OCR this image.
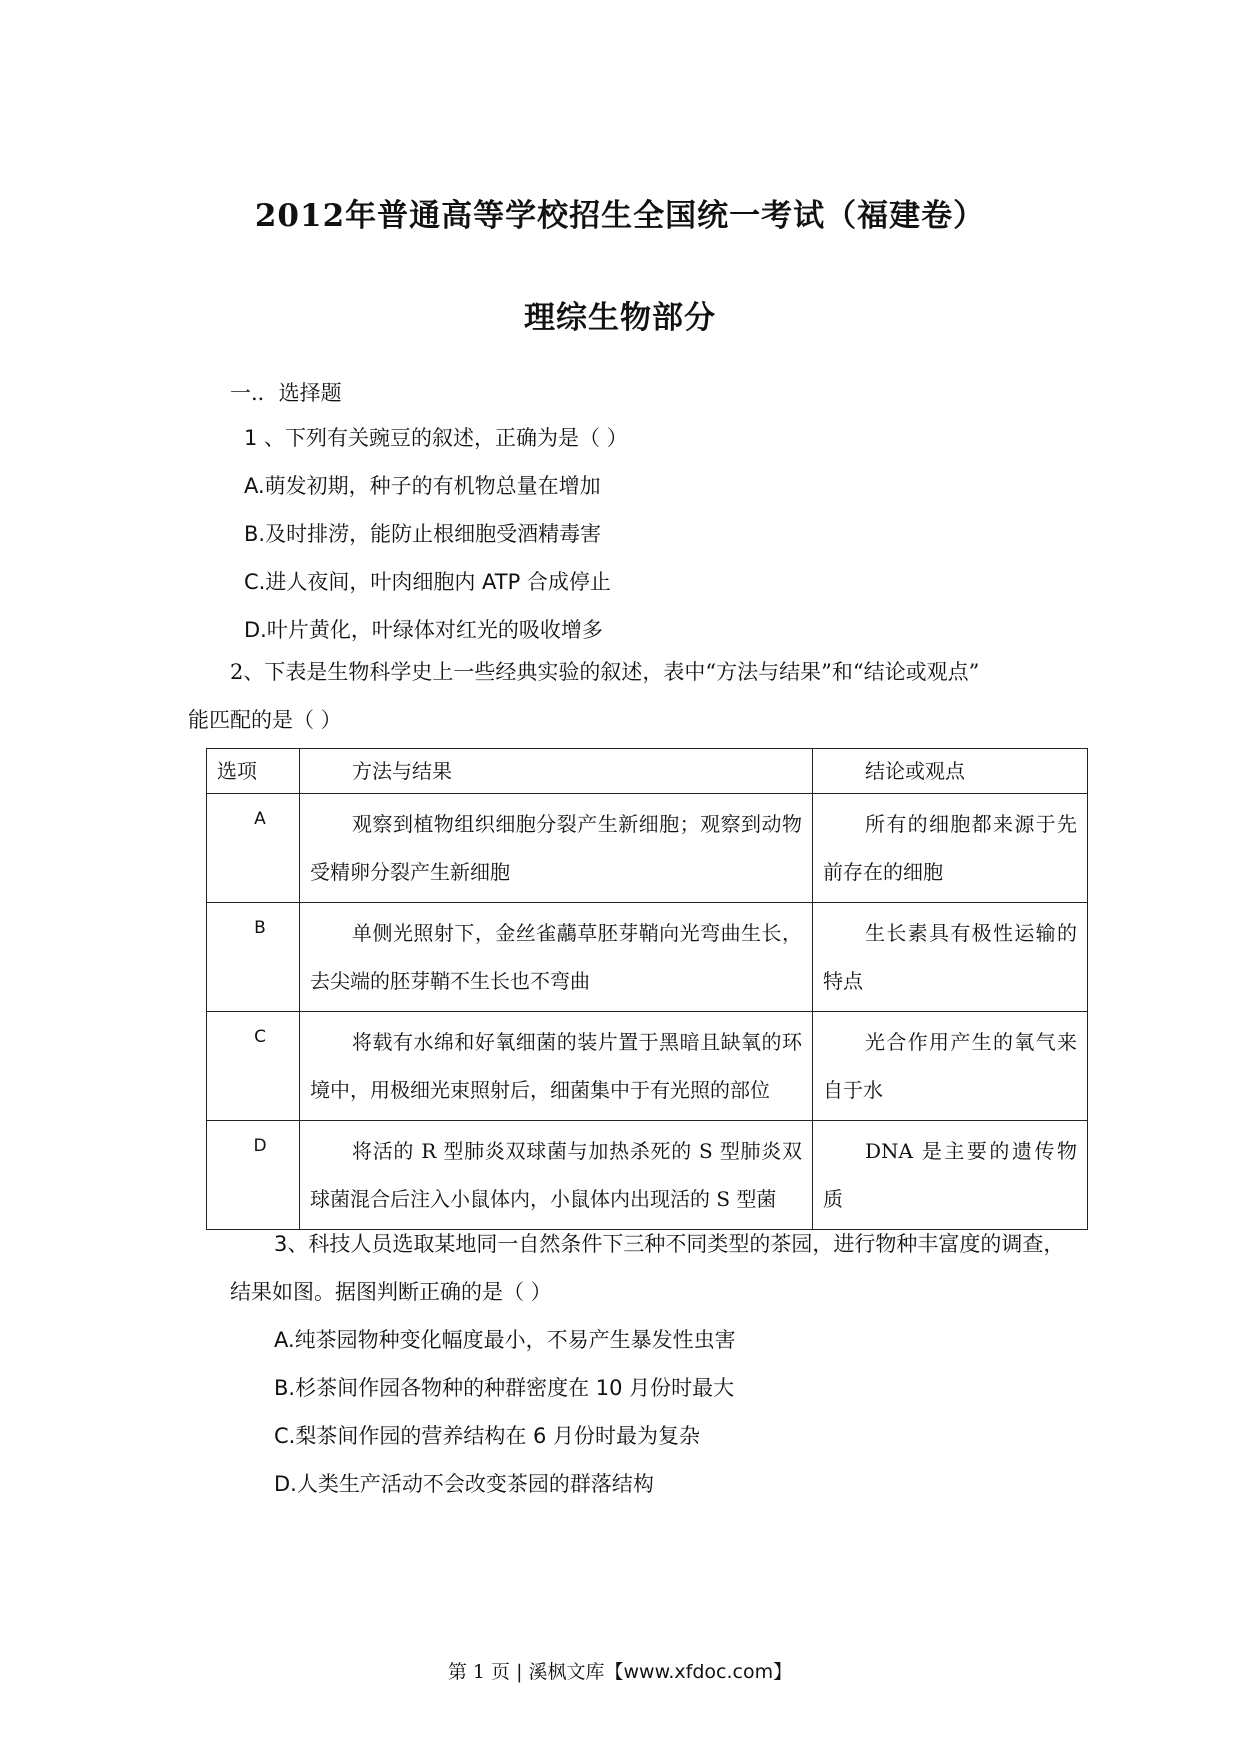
2012年普通高等学校招生全国统一考试（福建卷）
理综生物部分
一.．选择题
1 、下列有关豌豆的叙述，正确为是（ ）
A.萌发初期，种子的有机物总量在增加
B.及时排涝，能防止根细胞受酒精毒害
C.进人夜间，叶肉细胞内 ATP 合成停止
D.叶片黄化，叶绿体对红光的吸收增多
2、下表是生物科学史上一些经典实验的叙述，表中“方法与结果”和“结论或观点”
能匹配的是（ ）
选项	方法与结果	结论或观点
A	观察到植物组织细胞分裂产生新细胞；观察到动物受精卵分裂产生新细胞	所有的细胞都来源于先前存在的细胞
B	单侧光照射下，金丝雀虉草胚芽鞘向光弯曲生长，去尖端的胚芽鞘不生长也不弯曲	生长素具有极性运输的特点
C	将载有水绵和好氧细菌的装片置于黑暗且缺氧的环境中，用极细光束照射后，细菌集中于有光照的部位	光合作用产生的氧气来自于水
D	将活的 R 型肺炎双球菌与加热杀死的 S 型肺炎双球菌混合后注入小鼠体内，小鼠体内出现活的 S 型菌	DNA 是主要的遗传物质
3、科技人员选取某地同一自然条件下三种不同类型的茶园，进行物种丰富度的调查，
结果如图。据图判断正确的是（ ）
A.纯茶园物种变化幅度最小，不易产生暴发性虫害
B.杉茶间作园各物种的种群密度在 10 月份时最大
C.梨茶间作园的营养结构在 6 月份时最为复杂
D.人类生产活动不会改变茶园的群落结构
第 1 页 | 溪枫文库【www.xfdoc.com】
